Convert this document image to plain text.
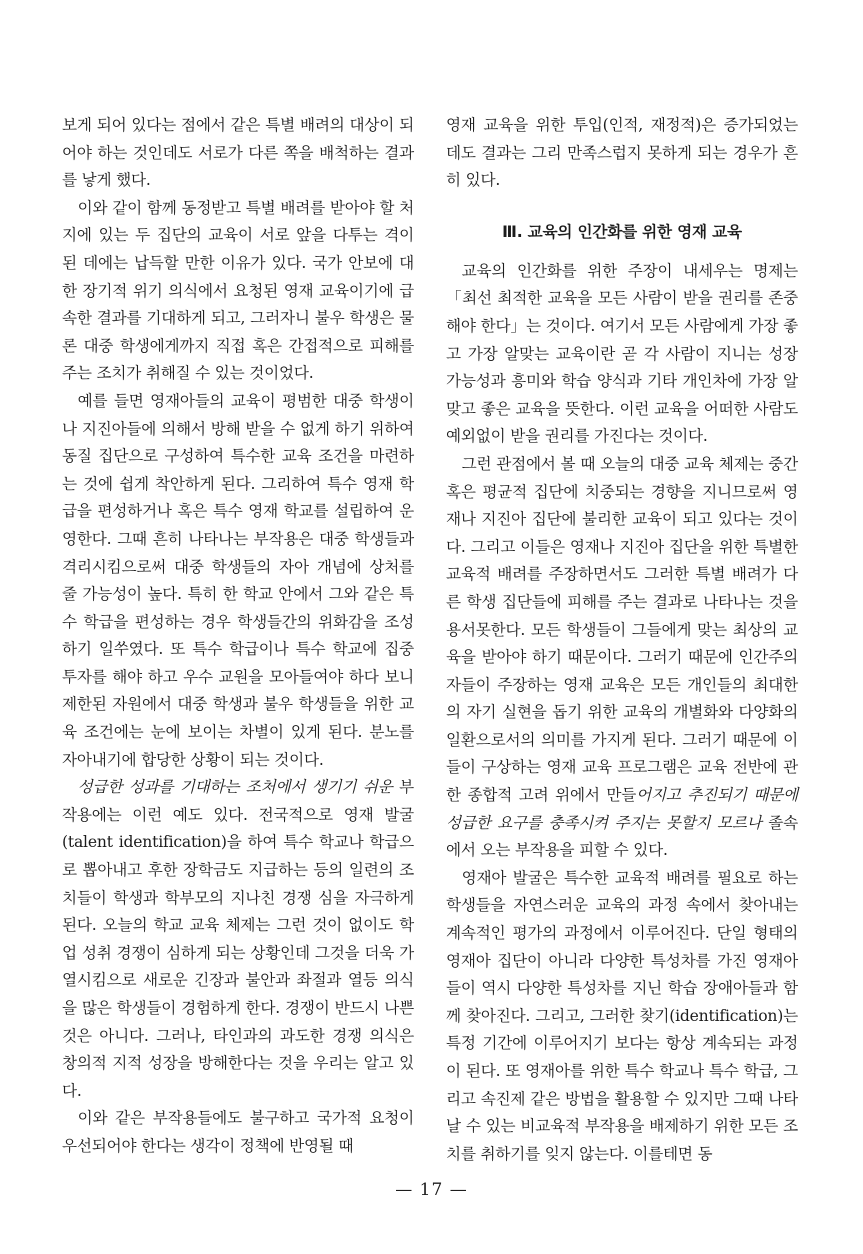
보게 되어 있다는 점에서 같은 특별 배려의 대상이 되어야 하는 것인데도 서로가 다른 쪽을 배척하는 결과를 낳게 했다.

이와 같이 함께 동정받고 특별 배려를 받아야 할 처지에 있는 두 집단의 교육이 서로 앞을 다투는 격이 된 데에는 납득할 만한 이유가 있다. 국가 안보에 대한 장기적 위기 의식에서 요청된 영재 교육이기에 급속한 결과를 기대하게 되고, 그러자니 불우 학생은 물론 대중 학생에게까지 직접 혹은 간접적으로 피해를 주는 조치가 취해질 수 있는 것이었다.

예를 들면 영재아들의 교육이 평범한 대중 학생이나 지진아들에 의해서 방해 받을 수 없게 하기 위하여 동질 집단으로 구성하여 특수한 교육 조건을 마련하는 것에 쉽게 착안하게 된다. 그리하여 특수 영재 학급을 편성하거나 혹은 특수 영재 학교를 설립하여 운영한다. 그때 흔히 나타나는 부작용은 대중 학생들과 격리시킴으로써 대중 학생들의 자아 개념에 상처를 줄 가능성이 높다. 특히 한 학교 안에서 그와 같은 특수 학급을 편성하는 경우 학생들간의 위화감을 조성하기 일쑤였다. 또 특수 학급이나 특수 학교에 집중 투자를 해야 하고 우수 교원을 모아들여야 하다 보니 제한된 자원에서 대중 학생과 불우 학생들을 위한 교육 조건에는 눈에 보이는 차별이 있게 된다. 분노를 자아내기에 합당한 상황이 되는 것이다.

성급한 성과를 기대하는 조처에서 생기기 쉬운 부작용에는 이런 예도 있다. 전국적으로 영재 발굴(talent identification)을 하여 특수 학교나 학급으로 뽑아내고 후한 장학금도 지급하는 등의 일련의 조치들이 학생과 학부모의 지나친 경쟁 심을 자극하게 된다. 오늘의 학교 교육 체제는 그런 것이 없이도 학업 성취 경쟁이 심하게 되는 상황인데 그것을 더욱 가열시킴으로 새로운 긴장과 불안과 좌절과 열등 의식을 많은 학생들이 경험하게 한다. 경쟁이 반드시 나쁜 것은 아니다. 그러나, 타인과의 과도한 경쟁 의식은 창의적 지적 성장을 방해한다는 것을 우리는 알고 있다.

이와 같은 부작용들에도 불구하고 국가적 요청이 우선되어야 한다는 생각이 정책에 반영될 때

영재 교육을 위한 투입(인적, 재정적)은 증가되었는데도 결과는 그리 만족스럽지 못하게 되는 경우가 흔히 있다.

Ⅲ. 교육의 인간화를 위한 영재 교육

교육의 인간화를 위한 주장이 내세우는 명제는 「최선 최적한 교육을 모든 사람이 받을 권리를 존중해야 한다」는 것이다. 여기서 모든 사람에게 가장 좋고 가장 알맞는 교육이란 곧 각 사람이 지니는 성장 가능성과 흥미와 학습 양식과 기타 개인차에 가장 알맞고 좋은 교육을 뜻한다. 이런 교육을 어떠한 사람도 예외없이 받을 권리를 가진다는 것이다.

그런 관점에서 볼 때 오늘의 대중 교육 체제는 중간 혹은 평균적 집단에 치중되는 경향을 지니므로써 영재나 지진아 집단에 불리한 교육이 되고 있다는 것이다. 그리고 이들은 영재나 지진아 집단을 위한 특별한 교육적 배려를 주장하면서도 그러한 특별 배려가 다른 학생 집단들에 피해를 주는 결과로 나타나는 것을 용서못한다. 모든 학생들이 그들에게 맞는 최상의 교육을 받아야 하기 때문이다. 그러기 때문에 인간주의자들이 주장하는 영재 교육은 모든 개인들의 최대한의 자기 실현을 돕기 위한 교육의 개별화와 다양화의 일환으로서의 의미를 가지게 된다. 그러기 때문에 이들이 구상하는 영재 교육 프로그램은 교육 전반에 관한 종합적 고려 위에서 만들어지고 추진되기 때문에 성급한 요구를 충족시켜 주지는 못할지 모르나 졸속에서 오는 부작용을 피할 수 있다.

영재아 발굴은 특수한 교육적 배려를 필요로 하는 학생들을 자연스러운 교육의 과정 속에서 찾아내는 계속적인 평가의 과정에서 이루어진다. 단일 형태의 영재아 집단이 아니라 다양한 특성차를 가진 영재아들이 역시 다양한 특성차를 지닌 학습 장애아들과 함께 찾아진다. 그리고, 그러한 찾기(identification)는 특정 기간에 이루어지기 보다는 항상 계속되는 과정이 된다. 또 영재아를 위한 특수 학교나 특수 학급, 그리고 속진제 같은 방법을 활용할 수 있지만 그때 나타날 수 있는 비교육적 부작용을 배제하기 위한 모든 조치를 취하기를 잊지 않는다. 이를테면 동

— 17 —
